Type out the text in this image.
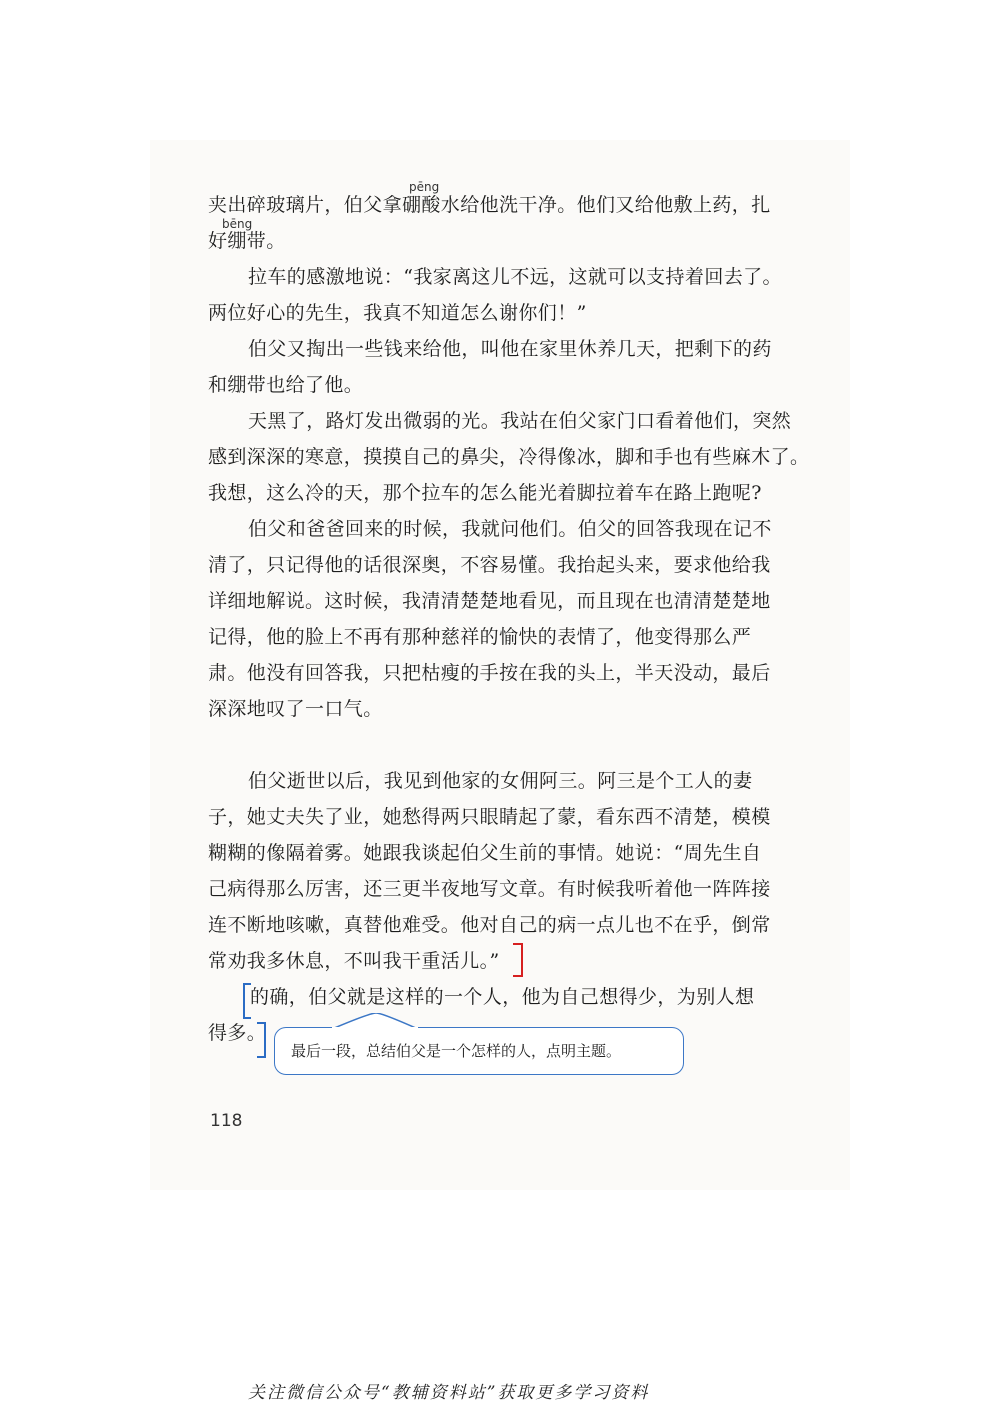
pēng
bēng
夹出碎玻璃片，伯父拿硼酸水给他洗干净。他们又给他敷上药，扎
好绷带。
拉车的感激地说：“我家离这儿不远，这就可以支持着回去了。
两位好心的先生，我真不知道怎么谢你们！”
伯父又掏出一些钱来给他，叫他在家里休养几天，把剩下的药
和绷带也给了他。
天黑了，路灯发出微弱的光。我站在伯父家门口看着他们，突然
感到深深的寒意，摸摸自己的鼻尖，冷得像冰，脚和手也有些麻木了。
我想，这么冷的天，那个拉车的怎么能光着脚拉着车在路上跑呢?
伯父和爸爸回来的时候，我就问他们。伯父的回答我现在记不
清了，只记得他的话很深奥，不容易懂。我抬起头来，要求他给我
详细地解说。这时候，我清清楚楚地看见，而且现在也清清楚楚地
记得，他的脸上不再有那种慈祥的愉快的表情了，他变得那么严
肃。他没有回答我，只把枯瘦的手按在我的头上，半天没动，最后
深深地叹了一口气。
伯父逝世以后，我见到他家的女佣阿三。阿三是个工人的妻
子，她丈夫失了业，她愁得两只眼睛起了蒙，看东西不清楚，模模
糊糊的像隔着雾。她跟我谈起伯父生前的事情。她说：“周先生自
己病得那么厉害，还三更半夜地写文章。有时候我听着他一阵阵接
连不断地咳嗽，真替他难受。他对自己的病一点儿也不在乎，倒常
常劝我多休息，不叫我干重活儿。”
的确，伯父就是这样的一个人，他为自己想得少，为别人想
得多。
最后一段，总结伯父是一个怎样的人，点明主题。
118
关注微信公众号“教辅资料站”获取更多学习资料
